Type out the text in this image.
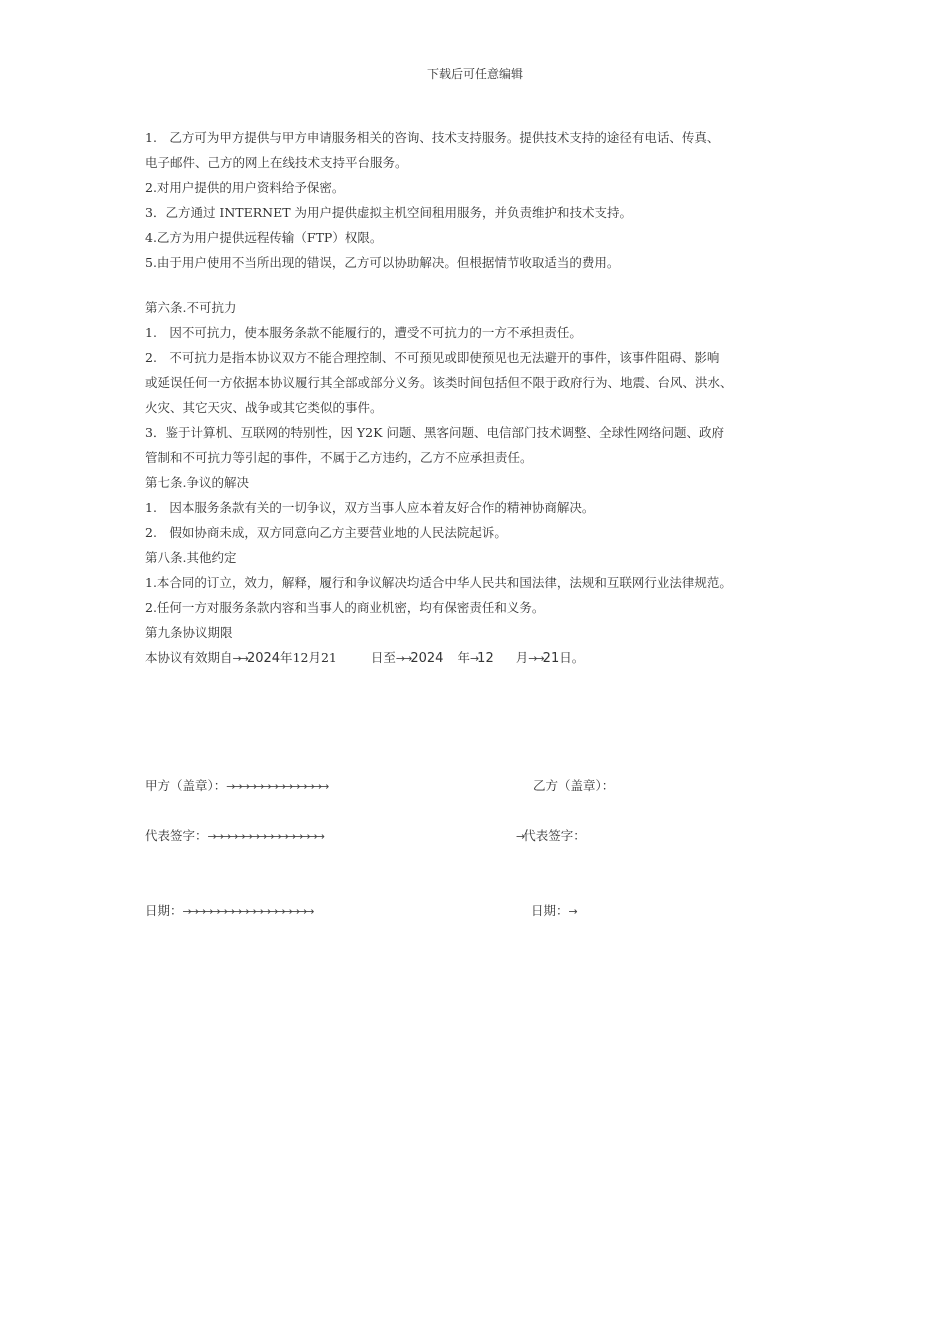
下载后可任意编辑
1.　乙方可为甲方提供与甲方申请服务相关的咨询、技术支持服务。提供技术支持的途径有电话、传真、
电子邮件、己方的网上在线技术支持平台服务。
2.对用户提供的用户资料给予保密。
3．乙方通过 INTERNET 为用户提供虚拟主机空间租用服务，并负责维护和技术支持。
4.乙方为用户提供远程传输（FTP）权限。
5.由于用户使用不当所出现的错误，乙方可以协助解决。但根据情节收取适当的费用。
第六条.不可抗力
1.　因不可抗力，使本服务条款不能履行的，遭受不可抗力的一方不承担责任。
2.　不可抗力是指本协议双方不能合理控制、不可预见或即使预见也无法避开的事件，该事件阻碍、影响
或延误任何一方依据本协议履行其全部或部分义务。该类时间包括但不限于政府行为、地震、台风、洪水、
火灾、其它天灾、战争或其它类似的事件。
3．鉴于计算机、互联网的特别性，因 Y2K 问题、黑客问题、电信部门技术调整、全球性网络问题、政府
管制和不可抗力等引起的事件，不属于乙方违约，乙方不应承担责任。
第七条.争议的解决
1.　因本服务条款有关的一切争议，双方当事人应本着友好合作的精神协商解决。
2.　假如协商未成，双方同意向乙方主要营业地的人民法院起诉。
第八条.其他约定
1.本合同的订立，效力，解释，履行和争议解决均适合中华人民共和国法律，法规和互联网行业法律规范。
2.任何一方对服务条款内容和当事人的商业机密，均有保密责任和义务。
第九条协议期限
本协议有效期自→→2024年12月21	日至→→2024 年→12 月→→21日。
甲方（盖章）：→→→→→→→→→→→→→→	乙方（盖章）：
代表签字：→→→→→→→→→→→→→→→→	→代表签字：
日期：→→→→→→→→→→→→→→→→→→	日期：→
